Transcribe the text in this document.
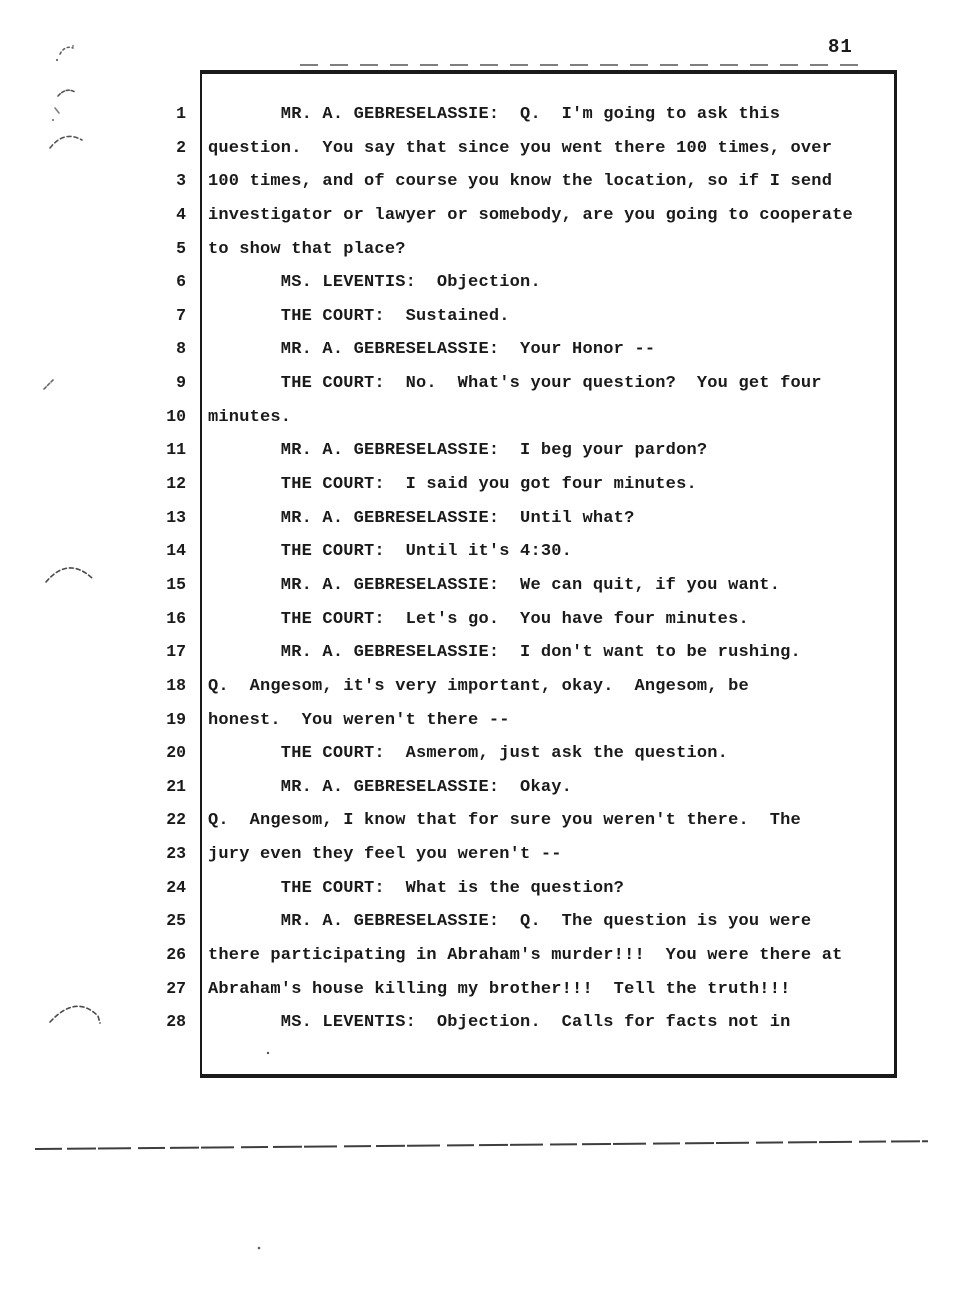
81
1       MR. A. GEBRESELASSIE:  Q.  I'm going to ask this
2 question.  You say that since you went there 100 times, over
3 100 times, and of course you know the location, so if I send
4 investigator or lawyer or somebody, are you going to cooperate
5 to show that place?
6       MS. LEVENTIS:  Objection.
7       THE COURT:  Sustained.
8       MR. A. GEBRESELASSIE:  Your Honor --
9       THE COURT:  No.  What's your question?  You get four
10 minutes.
11       MR. A. GEBRESELASSIE:  I beg your pardon?
12       THE COURT:  I said you got four minutes.
13       MR. A. GEBRESELASSIE:  Until what?
14       THE COURT:  Until it's 4:30.
15       MR. A. GEBRESELASSIE:  We can quit, if you want.
16       THE COURT:  Let's go.  You have four minutes.
17       MR. A. GEBRESELASSIE:  I don't want to be rushing.
18 Q.  Angesom, it's very important, okay.  Angesom, be
19 honest.  You weren't there --
20       THE COURT:  Asmerom, just ask the question.
21       MR. A. GEBRESELASSIE:  Okay.
22 Q.  Angesom, I know that for sure you weren't there.  The
23 jury even they feel you weren't --
24       THE COURT:  What is the question?
25       MR. A. GEBRESELASSIE:  Q.  The question is you were
26 there participating in Abraham's murder!!!  You were there at
27 Abraham's house killing my brother!!!  Tell the truth!!!
28       MS. LEVENTIS:  Objection.  Calls for facts not in
